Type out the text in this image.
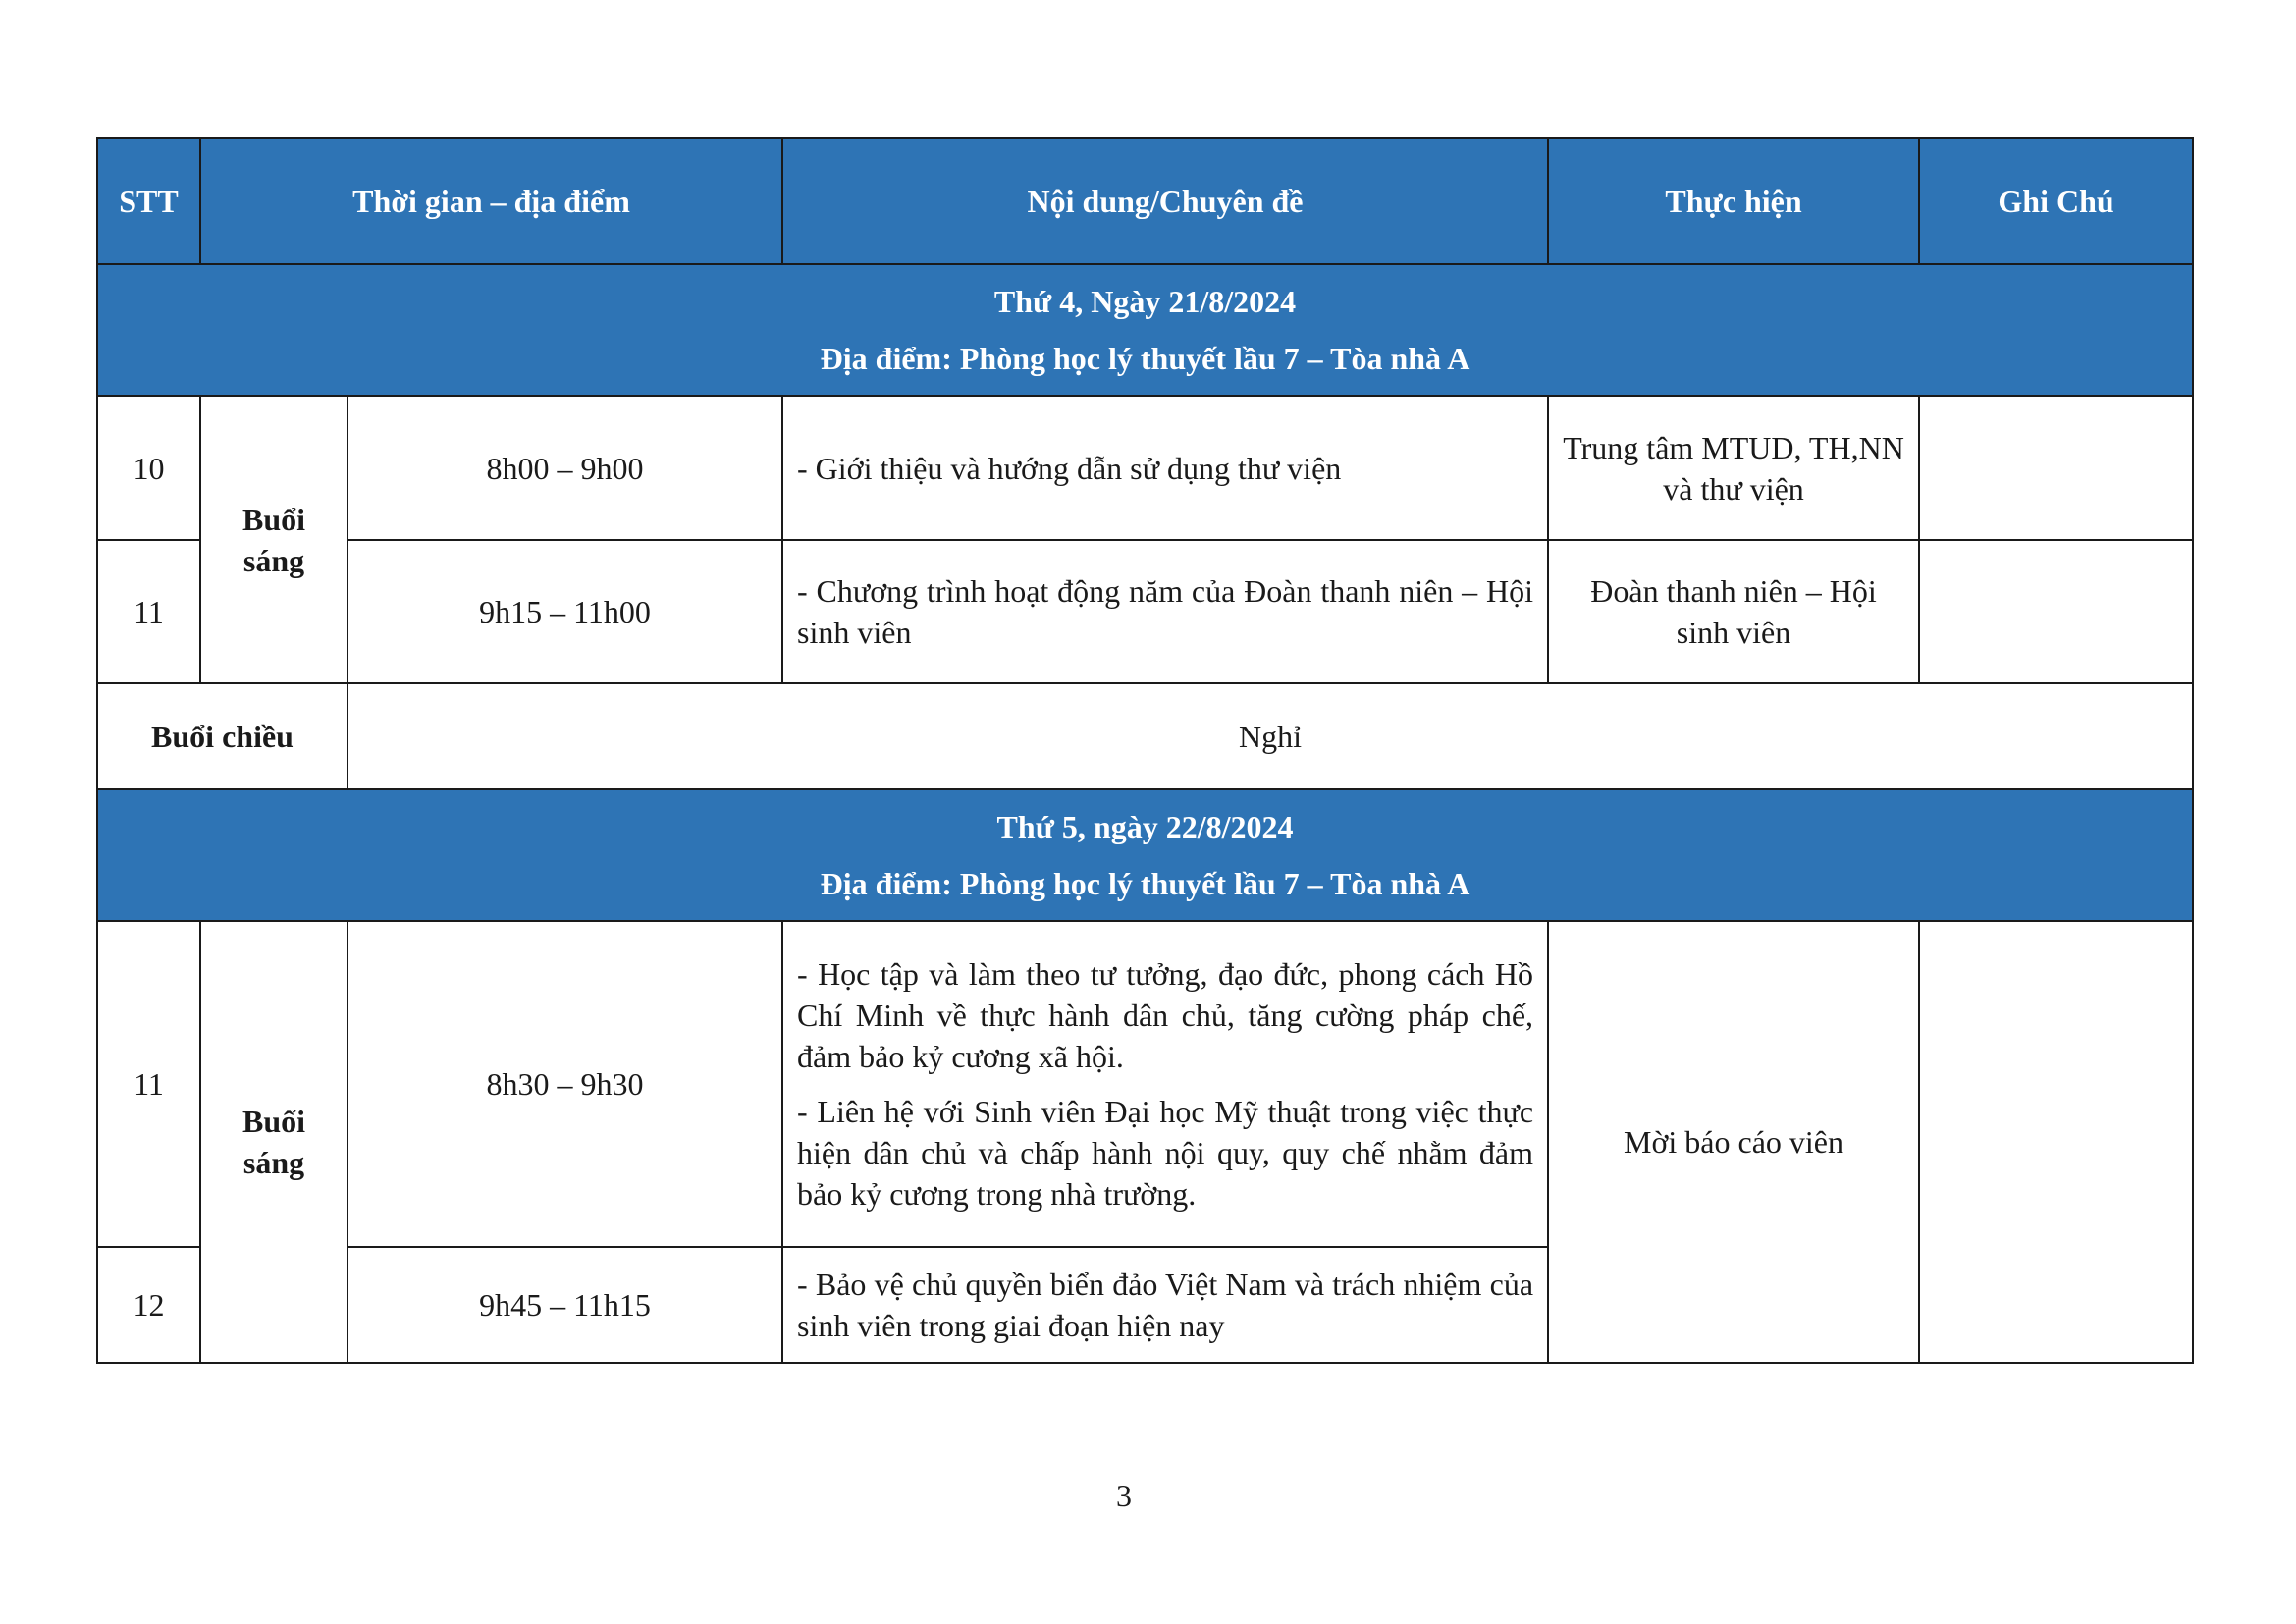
STT	Thời gian – địa điểm		Nội dung/Chuyên đề	Thực hiện	Ghi Chú

Thứ 4, Ngày 21/8/2024
Địa điểm: Phòng học lý thuyết lầu 7 – Tòa nhà A					

10	Buổi sáng	8h00 – 9h00	- Giới thiệu và hướng dẫn sử dụng thư viện	Trung tâm MTUD, TH,NN và thư viện	
11		9h15 – 11h00	- Chương trình hoạt động năm của Đoàn thanh niên – Hội sinh viên	Đoàn thanh niên – Hội sinh viên	
Buổi chiều		Nghỉ			

Thứ 5, ngày 22/8/2024
Địa điểm: Phòng học lý thuyết lầu 7 – Tòa nhà A					

11	Buổi sáng	8h30 – 9h30	- Học tập và làm theo tư tưởng, đạo đức, phong cách Hồ Chí Minh về thực hành dân chủ, tăng cường pháp chế, đảm bảo kỷ cương xã hội.

- Liên hệ với Sinh viên Đại học Mỹ thuật trong việc thực hiện dân chủ và chấp hành nội quy, quy chế nhằm đảm bảo kỷ cương trong nhà trường.	Mời báo cáo viên	
12		9h45 – 11h15	- Bảo vệ chủ quyền biển đảo Việt Nam và trách nhiệm của sinh viên trong giai đoạn hiện nay		
3
